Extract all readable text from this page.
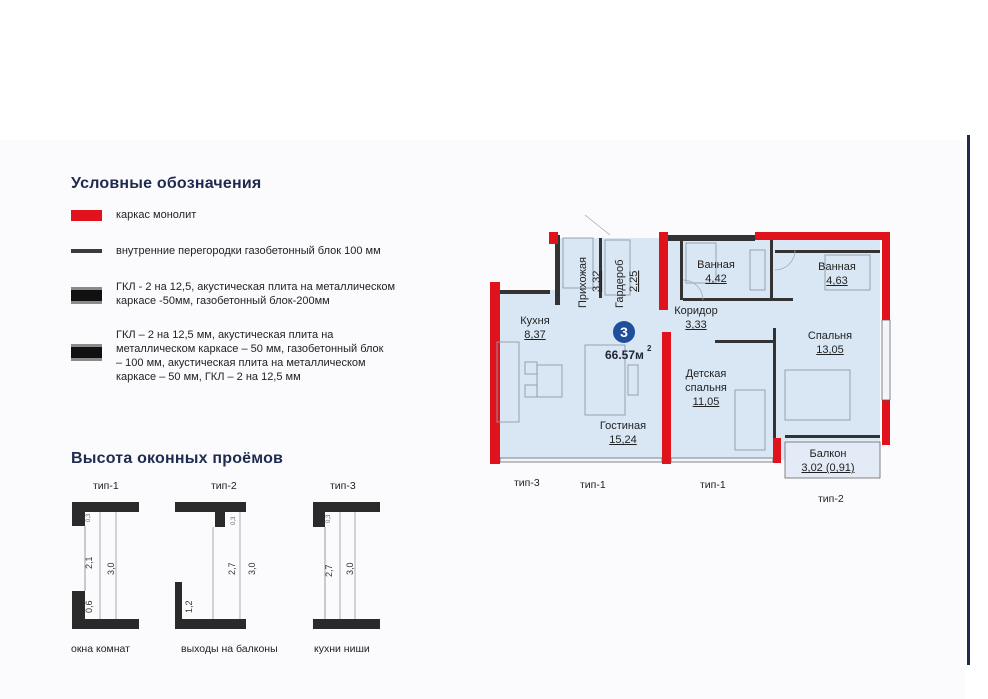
Условные обозначения
каркас монолит
внутренние перегородки газобетонный блок 100 мм
ГКЛ - 2 на 12,5, акустическая плита на металлическом каркасе -50мм, газобетонный блок-200мм
ГКЛ – 2 на 12,5 мм, акустическая плита на металлическом каркасе – 50 мм, газобетонный блок – 100 мм, акустическая плита на металлическом каркасе – 50 мм, ГКЛ – 2 на 12,5 мм
Высота оконных проёмов
тип-1	тип-2	тип-3
0,3
2,1 3,0
0,6
0,3
2,7 3,0
1,2
0,3
2,7 3,0
окна комнат	выходы на балконы	кухни ниши
3
66.57м 2
Прихожая 3,32 Гардероб 2,25
Ванная
4,42
Ванная
4,63
Кухня
8,37
Коридор
3,33
Спальня
13,05
Детская спальня
11,05
Гостиная
15,24
Балкон
3,02 (0,91)
тип-3	тип-1	тип-1
тип-2
